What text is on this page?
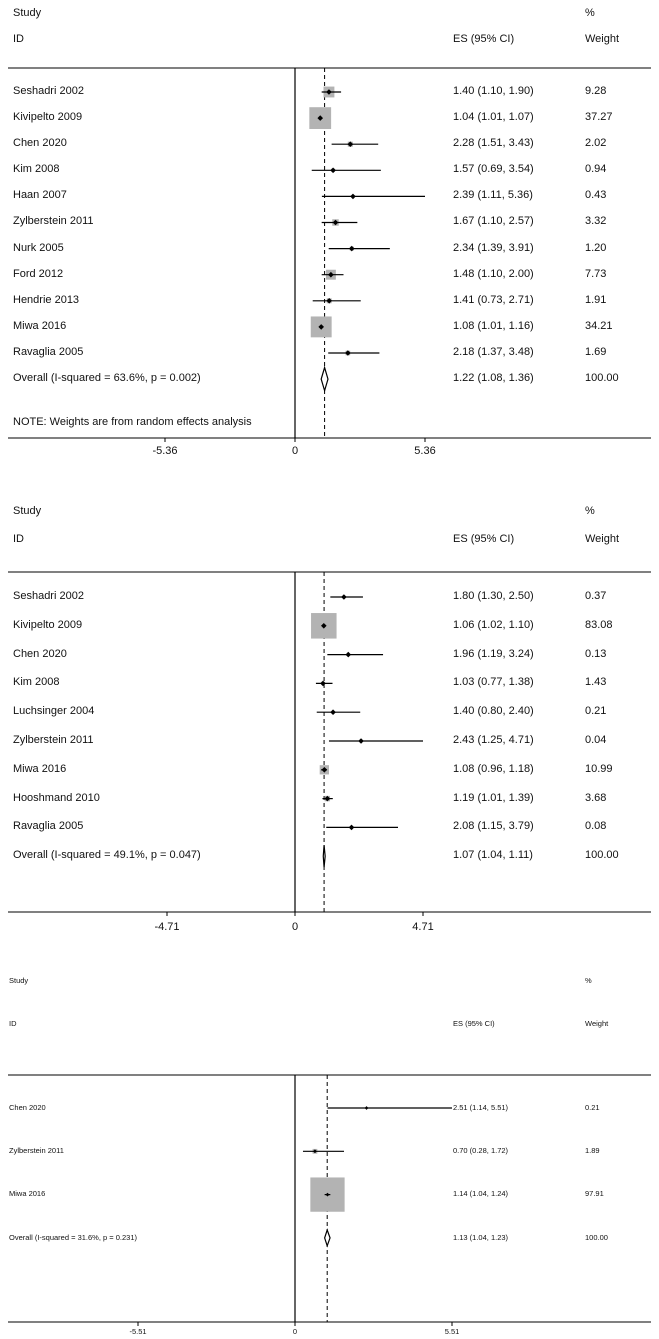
Study	%
ID	ES (95% CI)	Weight
-5.36	0	5.36
Seshadri 2002	1.40 (1.10, 1.90)	9.28
Kivipelto 2009	1.04 (1.01, 1.07)	37.27
Chen 2020	2.28 (1.51, 3.43)	2.02
Kim 2008	1.57 (0.69, 3.54)	0.94
Haan 2007	2.39 (1.11, 5.36)	0.43
Zylberstein 2011	1.67 (1.10, 2.57)	3.32
Nurk 2005	2.34 (1.39, 3.91)	1.20
Ford 2012	1.48 (1.10, 2.00)	7.73
Hendrie 2013	1.41 (0.73, 2.71)	1.91
Miwa 2016	1.08 (1.01, 1.16)	34.21
Ravaglia 2005	2.18 (1.37, 3.48)	1.69
Overall (I-squared = 63.6%, p = 0.002)	1.22 (1.08, 1.36)	100.00
NOTE: Weights are from random effects analysis
Study	%
ID	ES (95% CI)	Weight
-4.71	0	4.71
Seshadri 2002	1.80 (1.30, 2.50)	0.37
Kivipelto 2009	1.06 (1.02, 1.10)	83.08
Chen 2020	1.96 (1.19, 3.24)	0.13
Kim 2008	1.03 (0.77, 1.38)	1.43
Luchsinger 2004	1.40 (0.80, 2.40)	0.21
Zylberstein 2011	2.43 (1.25, 4.71)	0.04
Miwa 2016	1.08 (0.96, 1.18)	10.99
Hooshmand 2010	1.19 (1.01, 1.39)	3.68
Ravaglia 2005	2.08 (1.15, 3.79)	0.08
Overall (I-squared = 49.1%, p = 0.047)	1.07 (1.04, 1.11)	100.00
Study	%
ID	ES (95% CI)	Weight
-5.51	0	5.51
Chen 2020	2.51 (1.14, 5.51)	0.21
Zylberstein 2011	0.70 (0.28, 1.72)	1.89
Miwa 2016	1.14 (1.04, 1.24)	97.91
Overall (I-squared = 31.6%, p = 0.231)	1.13 (1.04, 1.23)	100.00
